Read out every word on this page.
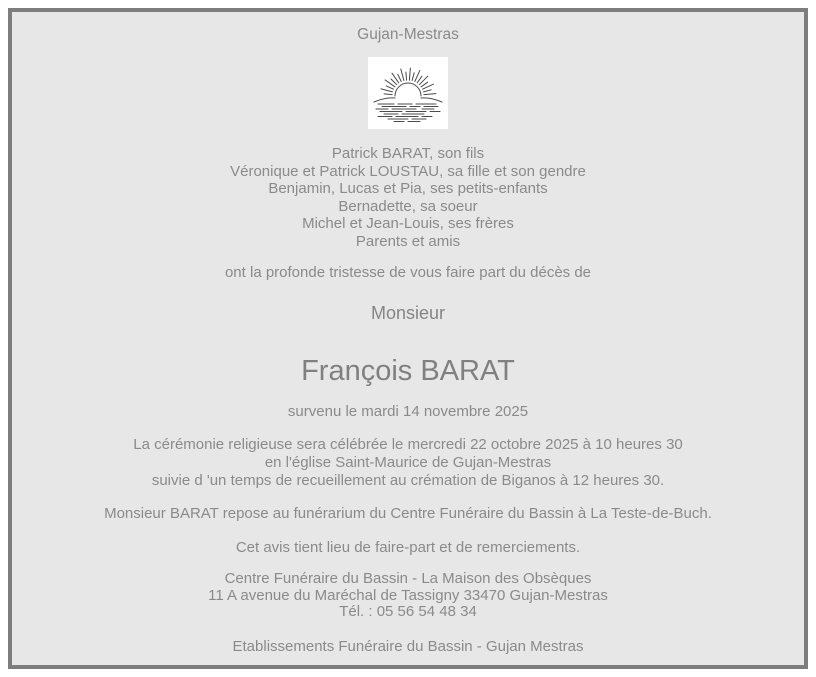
Gujan-Mestras
Patrick BARAT, son fils
Véronique et Patrick LOUSTAU, sa fille et son gendre
Benjamin, Lucas et Pia, ses petits-enfants
Bernadette, sa soeur
Michel et Jean-Louis, ses frères
Parents et amis
ont la profonde tristesse de vous faire part du décès de
Monsieur
François BARAT
survenu le mardi 14 novembre 2025
La cérémonie religieuse sera célébrée le mercredi 22 octobre 2025 à 10 heures 30
en l'église Saint-Maurice de Gujan-Mestras
suivie d 'un temps de recueillement au crémation de Biganos à 12 heures 30.
Monsieur BARAT repose au funérarium du Centre Funéraire du Bassin à La Teste-de-Buch.
Cet avis tient lieu de faire-part et de remerciements.
Centre Funéraire du Bassin - La Maison des Obsèques
11 A avenue du Maréchal de Tassigny 33470 Gujan-Mestras
Tél. : 05 56 54 48 34
Etablissements Funéraire du Bassin - Gujan Mestras
